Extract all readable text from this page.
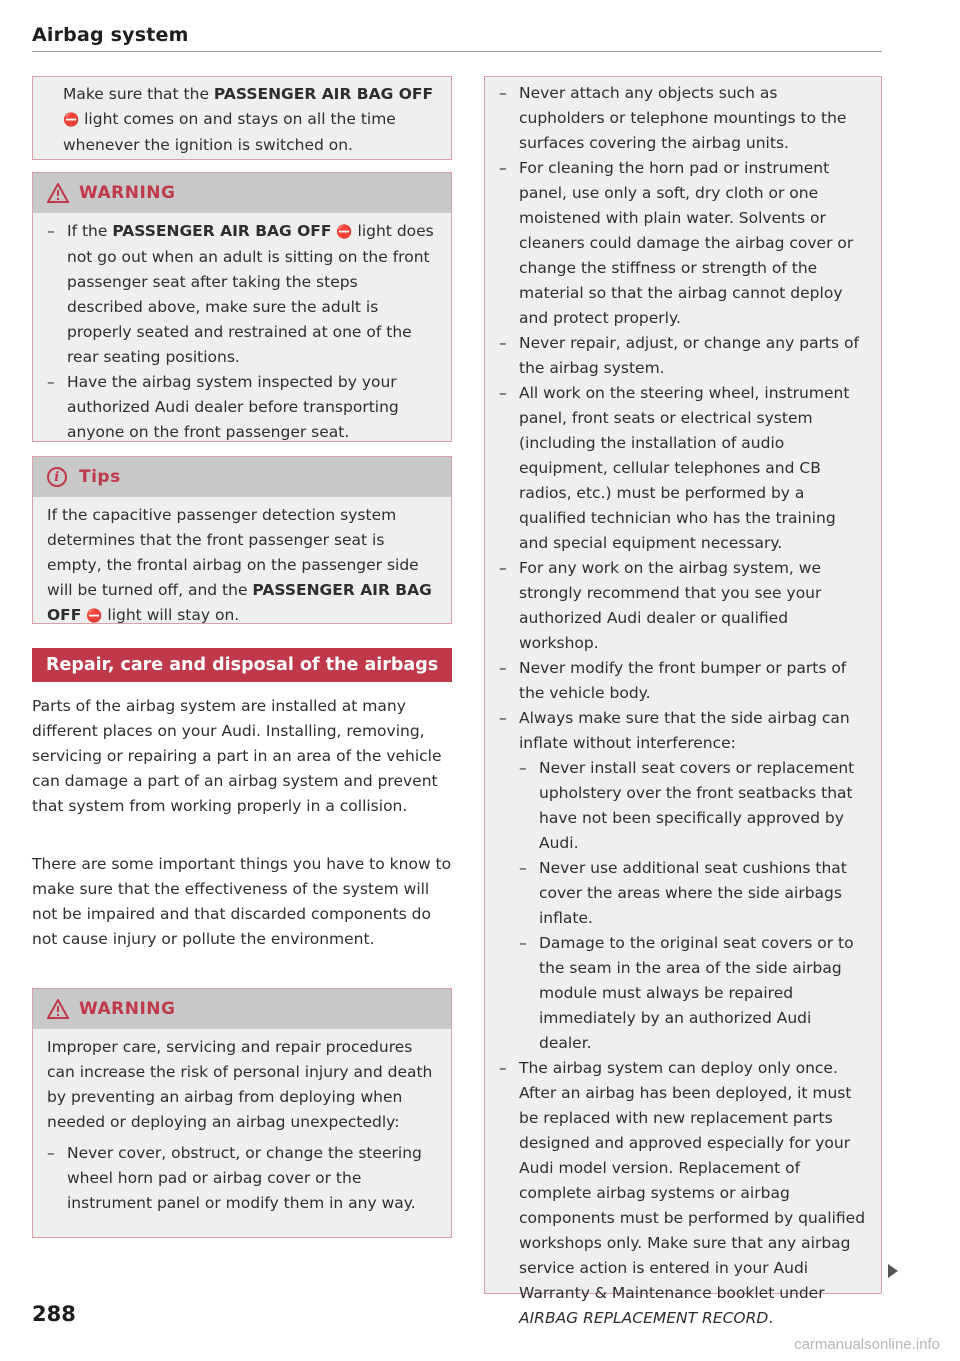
Airbag system
Make sure that the PASSENGER AIR BAG OFF ⛔ light comes on and stays on all the time whenever the ignition is switched on.
WARNING
– If the PASSENGER AIR BAG OFF ⛔ light does not go out when an adult is sitting on the front passenger seat after taking the steps described above, make sure the adult is properly seated and restrained at one of the rear seating positions.
– Have the airbag system inspected by your authorized Audi dealer before transporting anyone on the front passenger seat.
i	Tips
If the capacitive passenger detection system determines that the front passenger seat is empty, the frontal airbag on the passenger side will be turned off, and the PASSENGER AIR BAG OFF ⛔ light will stay on.
Repair, care and disposal of the airbags
Parts of the airbag system are installed at many different places on your Audi. Installing, removing, servicing or repairing a part in an area of the vehicle can damage a part of an airbag system and prevent that system from working properly in a collision.
There are some important things you have to know to make sure that the effectiveness of the system will not be impaired and that discarded components do not cause injury or pollute the environment.
WARNING

Improper care, servicing and repair procedures can increase the risk of personal injury and death by preventing an airbag from deploying when needed or deploying an airbag unexpectedly:

– Never cover, obstruct, or change the steering wheel horn pad or airbag cover or the instrument panel or modify them in any way.
– Never attach any objects such as cupholders or telephone mountings to the surfaces covering the airbag units.
– For cleaning the horn pad or instrument panel, use only a soft, dry cloth or one moistened with plain water. Solvents or cleaners could damage the airbag cover or change the stiffness or strength of the material so that the airbag cannot deploy and protect properly.
– Never repair, adjust, or change any parts of the airbag system.
– All work on the steering wheel, instrument panel, front seats or electrical system (including the installation of audio equipment, cellular telephones and CB radios, etc.) must be performed by a qualified technician who has the training and special equipment necessary.
– For any work on the airbag system, we strongly recommend that you see your authorized Audi dealer or qualified workshop.
– Never modify the front bumper or parts of the vehicle body.
– Always make sure that the side airbag can inflate without interference:
– Never install seat covers or replacement upholstery over the front seatbacks that have not been specifically approved by Audi.
– Never use additional seat cushions that cover the areas where the side airbags inflate.
– Damage to the original seat covers or to the seam in the area of the side airbag module must always be repaired immediately by an authorized Audi dealer.
– The airbag system can deploy only once. After an airbag has been deployed, it must be replaced with new replacement parts designed and approved especially for your Audi model version. Replacement of complete airbag systems or airbag components must be performed by qualified workshops only. Make sure that any airbag service action is entered in your Audi Warranty & Maintenance booklet under AIRBAG REPLACEMENT RECORD.
288
carmanualsonline.info
